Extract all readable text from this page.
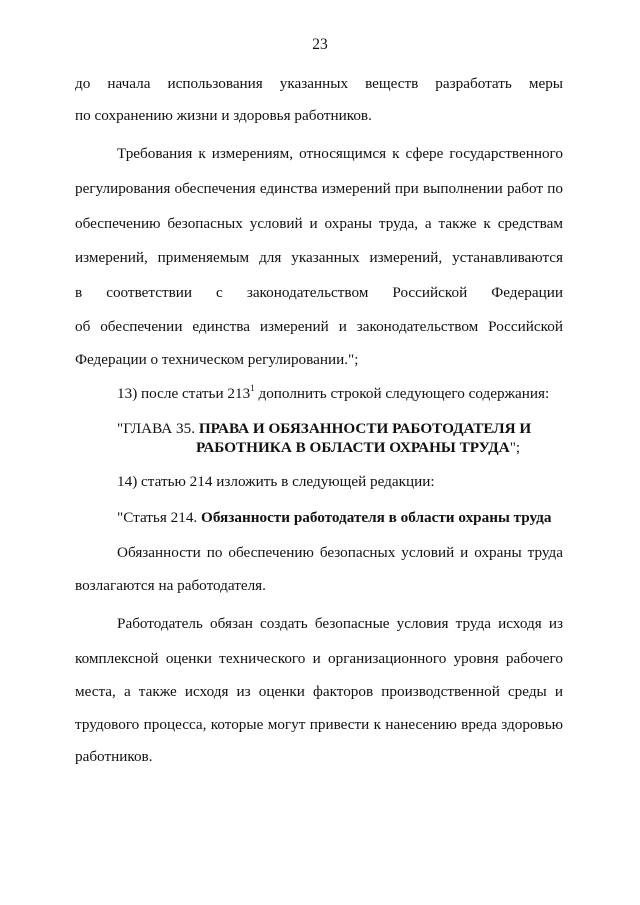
23
до начала использования указанных веществ разработать меры
по сохранению жизни и здоровья работников.
Требования к измерениям, относящимся к сфере государственного
регулирования обеспечения единства измерений при выполнении работ по
обеспечению безопасных условий и охраны труда, а также к средствам
измерений, применяемым для указанных измерений, устанавливаются
в соответствии с законодательством Российской Федерации
об обеспечении единства измерений и законодательством Российской
Федерации о техническом регулировании.";
13) после статьи $213^1$ дополнить строкой следующего содержания:
"ГЛАВА 35. ПРАВА И ОБЯЗАННОСТИ РАБОТОДАТЕЛЯ И
РАБОТНИКА В ОБЛАСТИ ОХРАНЫ ТРУДА";
14) статью 214 изложить в следующей редакции:
"Статья 214. Обязанности работодателя в области охраны труда
Обязанности по обеспечению безопасных условий и охраны труда
возлагаются на работодателя.
Работодатель обязан создать безопасные условия труда исходя из
комплексной оценки технического и организационного уровня рабочего
места, а также исходя из оценки факторов производственной среды и
трудового процесса, которые могут привести к нанесению вреда здоровью
работников.
